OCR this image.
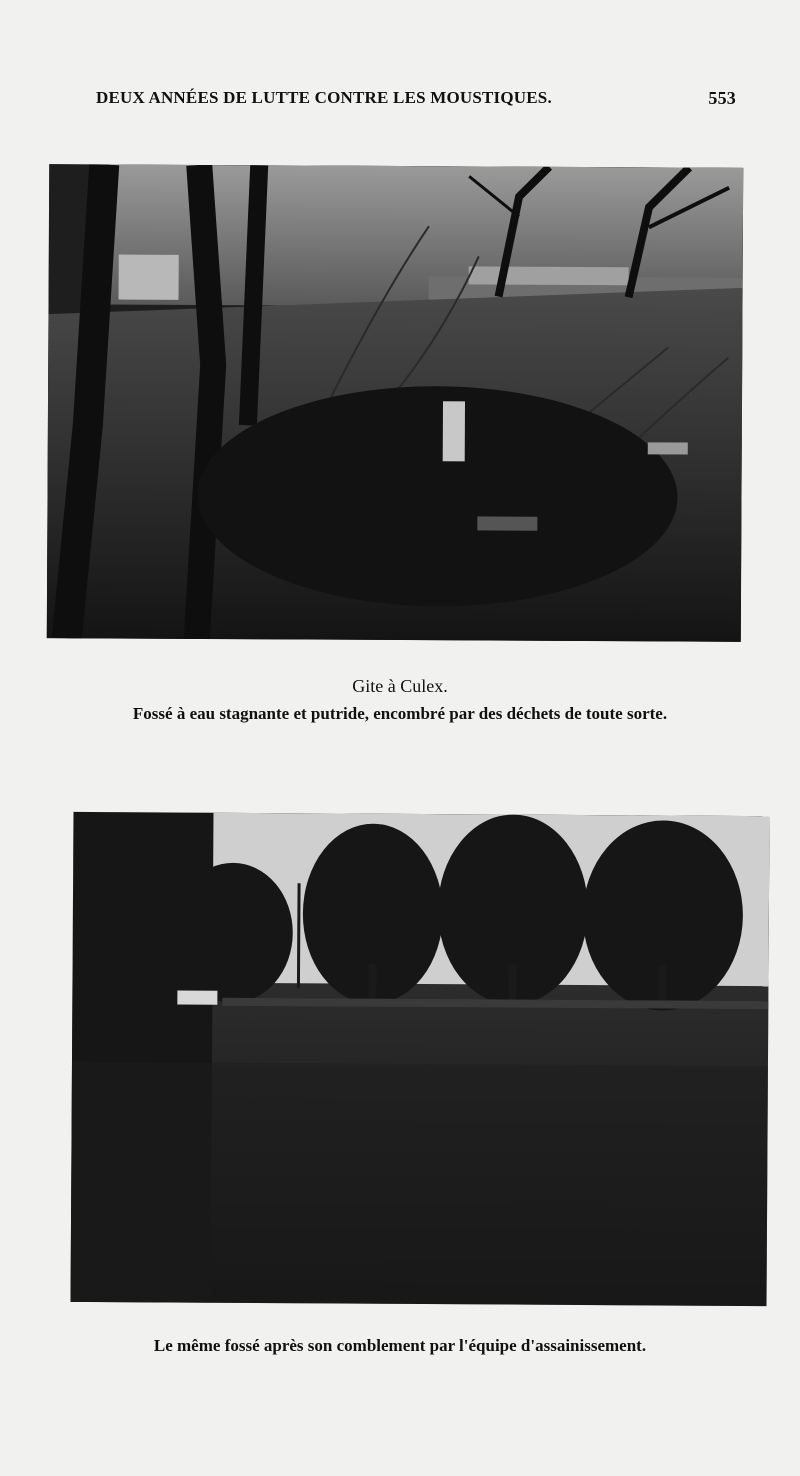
DEUX ANNÉES DE LUTTE CONTRE LES MOUSTIQUES.	553
Gite à Culex.
Fossé à eau stagnante et putride, encombré par des déchets de toute sorte.
Le même fossé après son comblement par l'équipe d'assainissement.
